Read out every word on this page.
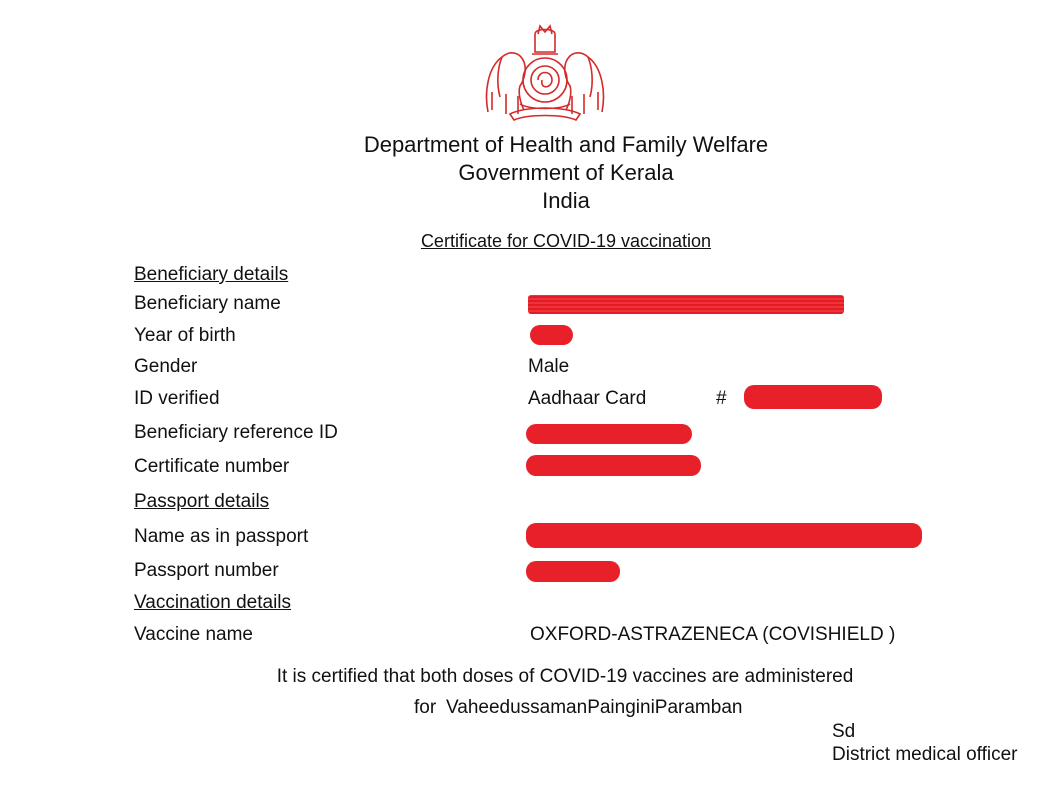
Department of Health and Family Welfare
Government of Kerala
India
Certificate for COVID-19 vaccination
Beneficiary details
Beneficiary name
Year of birth
Gender	Male
ID verified	Aadhaar Card	#
Beneficiary reference ID
Certificate number
Passport details
Name as in passport
Passport number
Vaccination details
Vaccine name	OXFORD-ASTRAZENECA (COVISHIELD )
It is certified that both doses of COVID-19 vaccines are administered
for VaheedussamanPainginiParamban
Sd
District medical officer
